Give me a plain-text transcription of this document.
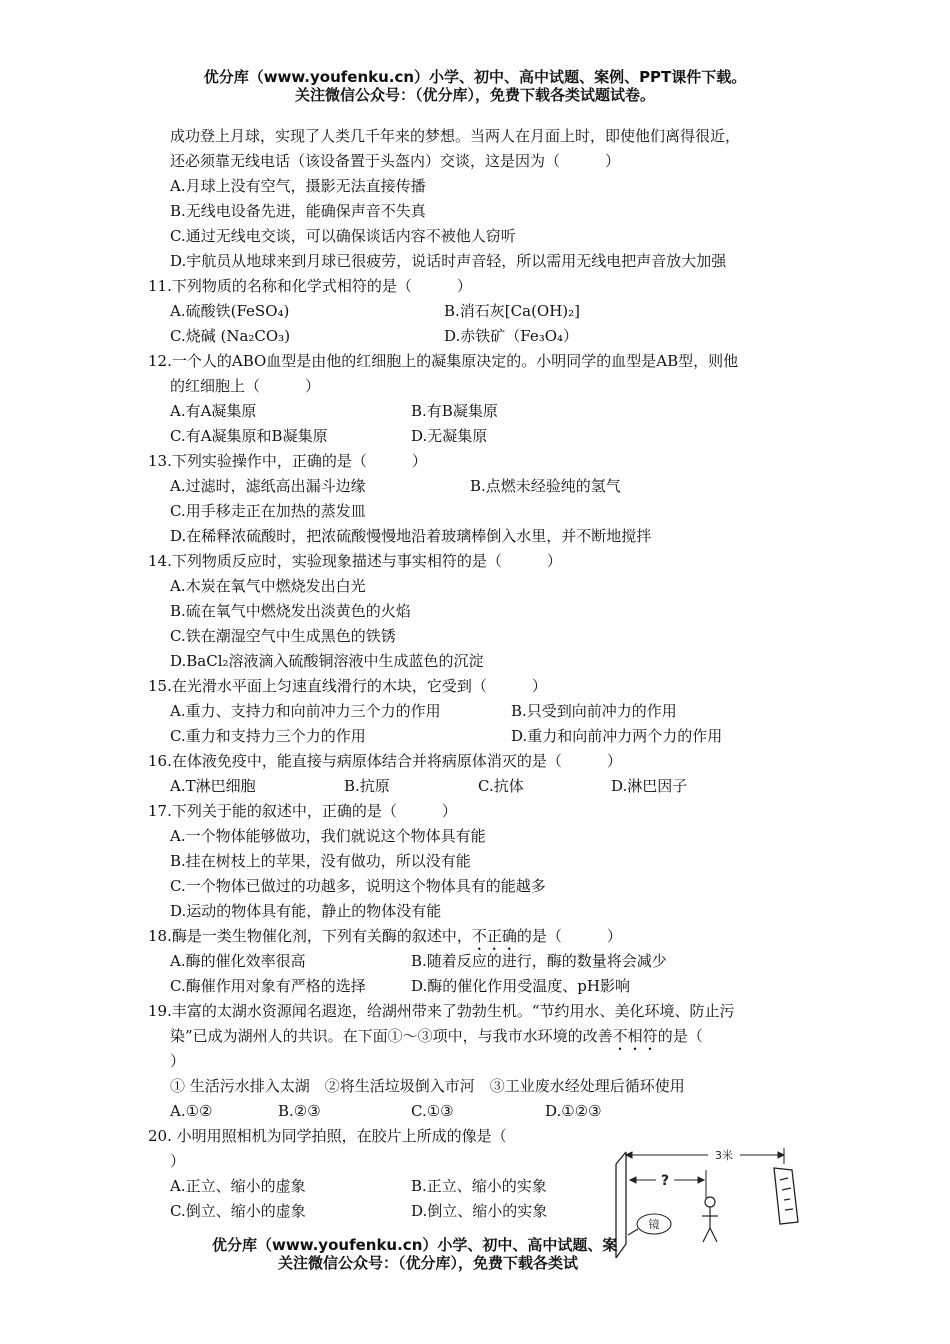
优分库（www.youfenku.cn）小学、初中、高中试题、案例、PPT课件下载。
关注微信公众号：（优分库），免费下载各类试题试卷。
成功登上月球，实现了人类几千年来的梦想。当两人在月面上时，即使他们离得很近，
还必须靠无线电话（该设备置于头盔内）交谈，这是因为（　　　）
A.月球上没有空气，摄影无法直接传播
B.无线电设备先进，能确保声音不失真
C.通过无线电交谈，可以确保谈话内容不被他人窃听
D.宇航员从地球来到月球已很疲劳，说话时声音轻，所以需用无线电把声音放大加强
11.下列物质的名称和化学式相符的是（　　　）
A.硫酸铁(FeSO₄)	B.消石灰[Ca(OH)₂]
C.烧碱 (Na₂CO₃)	D.赤铁矿（Fe₃O₄）
12.一个人的ABO血型是由他的红细胞上的凝集原决定的。小明同学的血型是AB型，则他
的红细胞上（　　　）
A.有A凝集原	B.有B凝集原
C.有A凝集原和B凝集原	D.无凝集原
13.下列实验操作中，正确的是（　　　）
A.过滤时，滤纸高出漏斗边缘	B.点燃未经验纯的氢气
C.用手移走正在加热的蒸发皿
D.在稀释浓硫酸时，把浓硫酸慢慢地沿着玻璃棒倒入水里，并不断地搅拌
14.下列物质反应时，实验现象描述与事实相符的是（　　　）
A.木炭在氧气中燃烧发出白光
B.硫在氧气中燃烧发出淡黄色的火焰
C.铁在潮湿空气中生成黑色的铁锈
D.BaCl₂溶液滴入硫酸铜溶液中生成蓝色的沉淀
15.在光滑水平面上匀速直线滑行的木块，它受到（　　　）
A.重力、支持力和向前冲力三个力的作用	B.只受到向前冲力的作用
C.重力和支持力三个力的作用	D.重力和向前冲力两个力的作用
16.在体液免疫中，能直接与病原体结合并将病原体消灭的是（　　　）
A.T淋巴细胞	B.抗原	C.抗体	D.淋巴因子
17.下列关于能的叙述中，正确的是（　　　）
A.一个物体能够做功，我们就说这个物体具有能
B.挂在树枝上的苹果，没有做功，所以没有能
C.一个物体已做过的功越多，说明这个物体具有的能越多
D.运动的物体具有能，静止的物体没有能
18.酶是一类生物催化剂，下列有关酶的叙述中，不正确的是（　　　）
A.酶的催化效率很高	B.随着反应的进行，酶的数量将会减少
C.酶催作用对象有严格的选择	D.酶的催化作用受温度、pH影响
19.丰富的太湖水资源闻名遐迩，给湖州带来了勃勃生机。“节约用水、美化环境、防止污
染”已成为湖州人的共识。在下面①～③项中，与我市水环境的改善不相符的是（
）
① 生活污水排入太湖　②将生活垃圾倒入市河　③工业废水经处理后循环使用
A.①②	B.②③	C.①③	D.①②③
20. 小明用照相机为同学拍照，在胶片上所成的像是（
）
A.正立、缩小的虚象	B.正立、缩小的实象
C.倒立、缩小的虚象	D.倒立、缩小的实象
3米
?
镜
优分库（www.youfenku.cn）小学、初中、高中试题、案
关注微信公众号：（优分库），免费下载各类试
